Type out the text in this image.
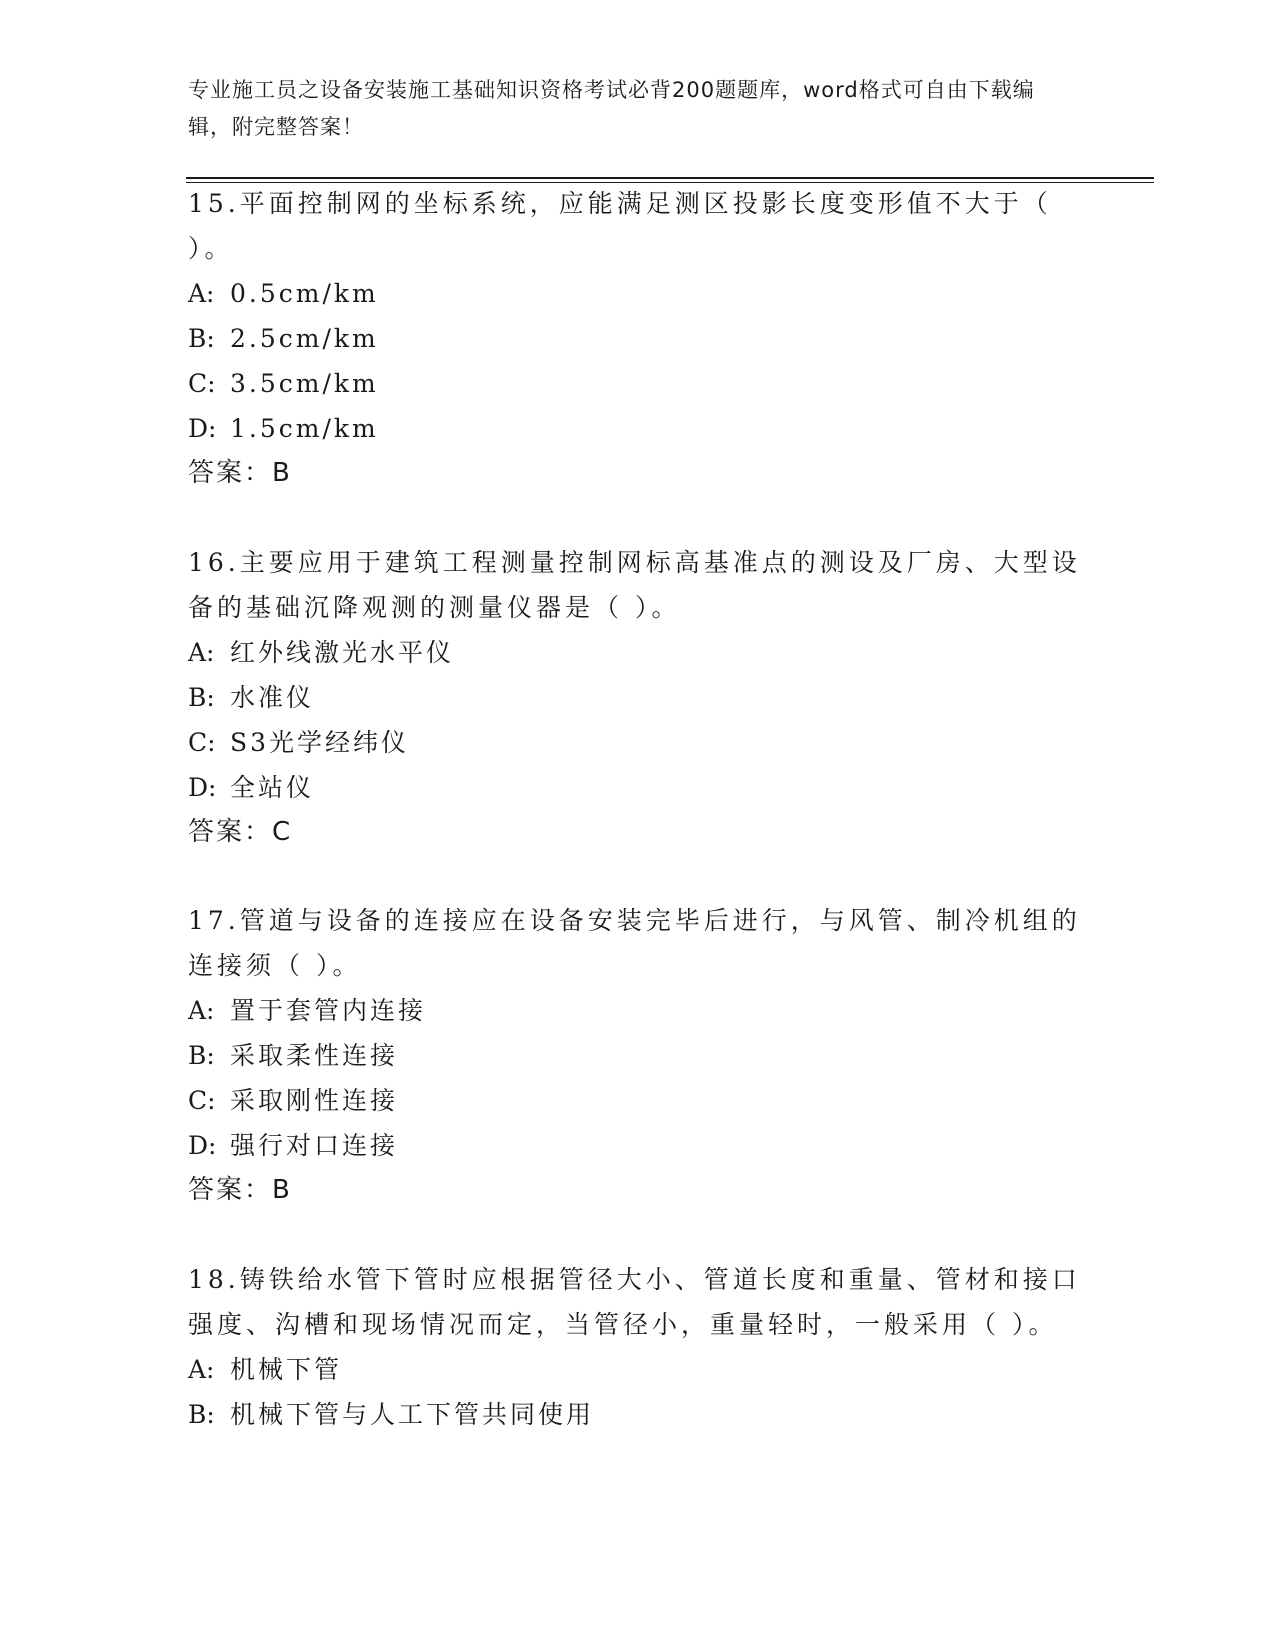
专业施工员之设备安装施工基础知识资格考试必背200题题库，word格式可自由下载编辑，附完整答案！

15.平面控制网的坐标系统，应能满足测区投影长度变形值不大于（ ）。

A: 0.5cm/km

B: 2.5cm/km

C: 3.5cm/km

D: 1.5cm/km

答案：B

16.主要应用于建筑工程测量控制网标高基准点的测设及厂房、大型设备的基础沉降观测的测量仪器是（ ）。

A: 红外线激光水平仪

B: 水准仪

C: S3光学经纬仪

D: 全站仪

答案：C

17.管道与设备的连接应在设备安装完毕后进行，与风管、制冷机组的连接须（ ）。

A: 置于套管内连接

B: 采取柔性连接

C: 采取刚性连接

D: 强行对口连接

答案：B

18.铸铁给水管下管时应根据管径大小、管道长度和重量、管材和接口强度、沟槽和现场情况而定，当管径小，重量轻时，一般采用（ ）。

A: 机械下管

B: 机械下管与人工下管共同使用
